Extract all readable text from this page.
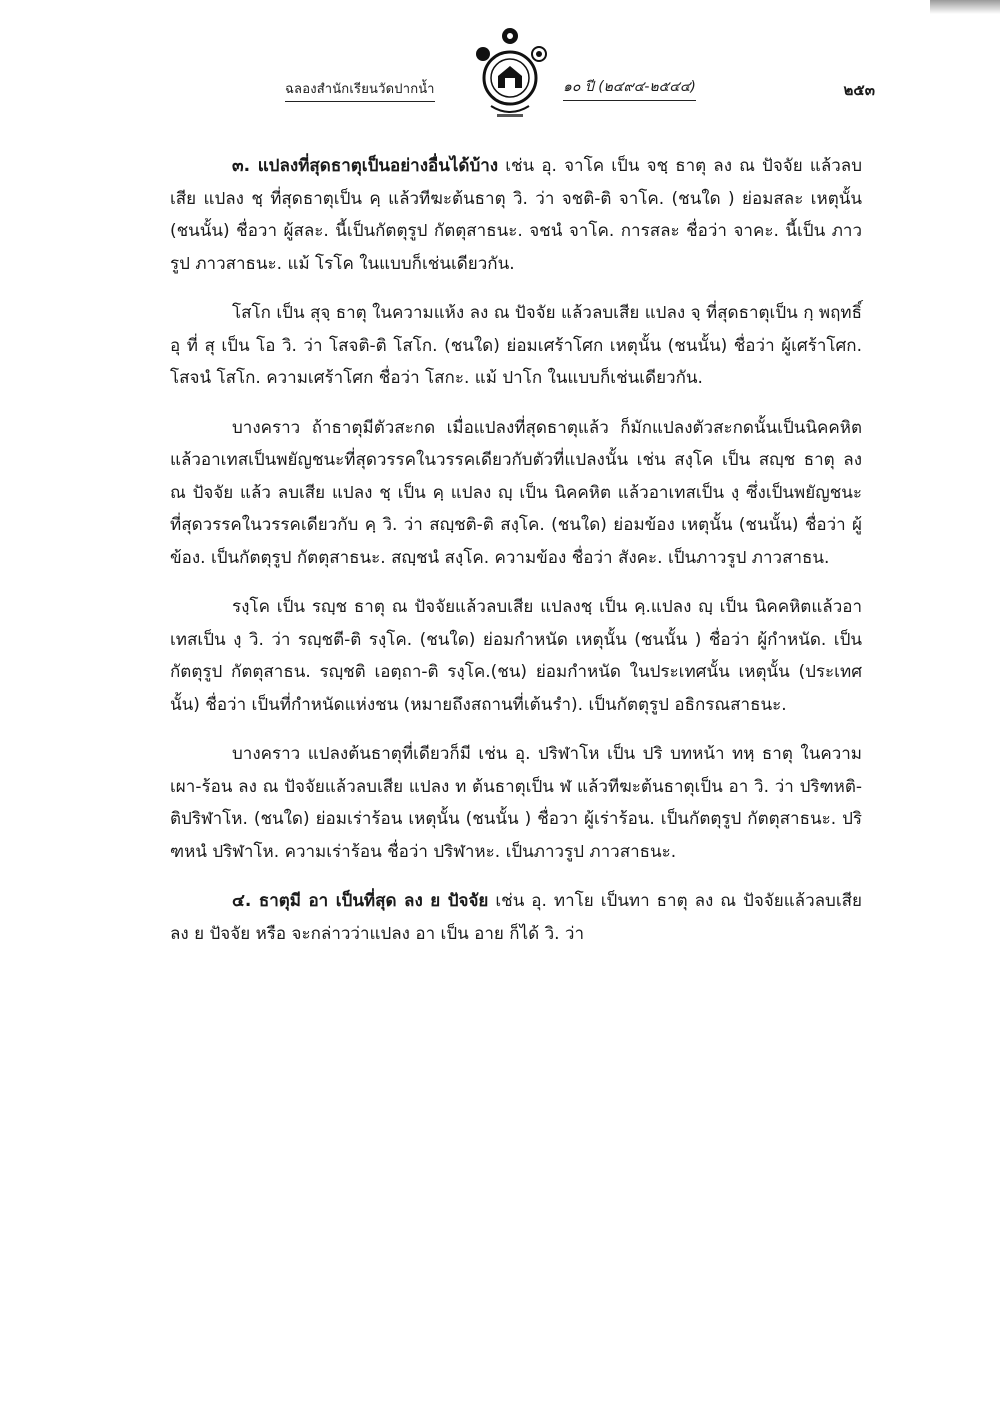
ฉลองสำนักเรียนวัดปากน้ำ	๑๐ ปี (๒๔๙๔-๒๕๔๔)	๒๕๓

๓. แปลงที่สุดธาตุเป็นอย่างอื่นได้บ้าง เช่น อุ. จาโค เป็น จชฺ ธาตุ ลง ณ ปัจจัย แล้วลบเสีย แปลง ชฺ ที่สุดธาตุเป็น คฺ แล้วทีฆะต้นธาตุ วิ. ว่า จชติ-ติ จาโค. (ชนใด ) ย่อมสละ เหตุนั้น (ชนนั้น) ชื่อวา ผู้สละ. นี้เป็นกัตตุรูป กัตตุสาธนะ. จชนํ จาโค. การสละ ชื่อว่า จาคะ. นี้เป็น ภาวรูป ภาวสาธนะ. แม้ โรโค ในแบบก็เช่นเดียวกัน.

โสโก เป็น สุจฺ ธาตุ ในความแห้ง ลง ณ ปัจจัย แล้วลบเสีย แปลง จฺ ที่สุดธาตุเป็น กฺ พฤทธิ์ อุ ที่ สุ เป็น โอ วิ. ว่า โสจติ-ติ โสโก. (ชนใด) ย่อมเศร้าโศก เหตุนั้น (ชนนั้น) ชื่อว่า ผู้เศร้าโศก. โสจนํ โสโก. ความเศร้าโศก ชื่อว่า โสกะ. แม้ ปาโก ในแบบก็เช่นเดียวกัน.

บางคราว ถ้าธาตุมีตัวสะกด เมื่อแปลงที่สุดธาตุแล้ว ก็มักแปลงตัวสะกดนั้นเป็นนิคคหิต แล้วอาเทสเป็นพยัญชนะที่สุดวรรคในวรรคเดียวกับตัวที่แปลงนั้น เช่น สงฺโค เป็น สญฺช ธาตุ ลง ณ ปัจจัย แล้ว ลบเสีย แปลง ชฺ เป็น คฺ แปลง ญฺ เป็น นิคคหิต แล้วอาเทสเป็น งฺ ซึ่งเป็นพยัญชนะที่สุดวรรคในวรรคเดียวกับ คฺ วิ. ว่า สญฺชติ-ติ สงฺโค. (ชนใด) ย่อมข้อง เหตุนั้น (ชนนั้น) ชื่อว่า ผู้ข้อง. เป็นกัตตุรูป กัตตุสาธนะ. สญฺชนํ สงฺโค. ความข้อง ชื่อว่า สังคะ. เป็นภาวรูป ภาวสาธน.

รงฺโค เป็น รญฺช ธาตุ ณ ปัจจัยแล้วลบเสีย แปลงชฺ เป็น คฺ.แปลง ญฺ เป็น นิคคหิตแล้วอาเทสเป็น งฺ วิ. ว่า รญฺชตี-ติ รงฺโค. (ชนใด) ย่อมกำหนัด เหตุนั้น (ชนนั้น ) ชื่อว่า ผู้กำหนัด. เป็นกัตตุรูป กัตตุสาธน. รญฺชติ เอตฺถา-ติ รงฺโค.(ชน) ย่อมกำหนัด ในประเทศนั้น เหตุนั้น (ประเทศนั้น) ชื่อว่า เป็นที่กำหนัดแห่งชน (หมายถึงสถานที่เต้นรำ). เป็นกัตตุรูป อธิกรณสาธนะ.

บางคราว แปลงต้นธาตุที่เดียวก็มี เช่น อุ. ปริฬาโห เป็น ปริ บทหน้า ทหฺ ธาตุ ในความเผา-ร้อน ลง ณ ปัจจัยแล้วลบเสีย แปลง ท ต้นธาตุเป็น ฬ แล้วทีฆะต้นธาตุเป็น อา วิ. ว่า ปริฑหติ-ติปริฬาโห. (ชนใด) ย่อมเร่าร้อน เหตุนั้น (ชนนั้น ) ชื่อวา ผู้เร่าร้อน. เป็นกัตตุรูป กัตตุสาธนะ. ปริฑหนํ ปริฬาโห. ความเร่าร้อน ชื่อว่า ปริฬาหะ. เป็นภาวรูป ภาวสาธนะ.

๔. ธาตุมี อา เป็นที่สุด ลง ย ปัจจัย เช่น อุ. ทาโย เป็นทา ธาตุ ลง ณ ปัจจัยแล้วลบเสีย ลง ย ปัจจัย หรือ จะกล่าวว่าแปลง อา เป็น อาย ก็ได้ วิ. ว่า
